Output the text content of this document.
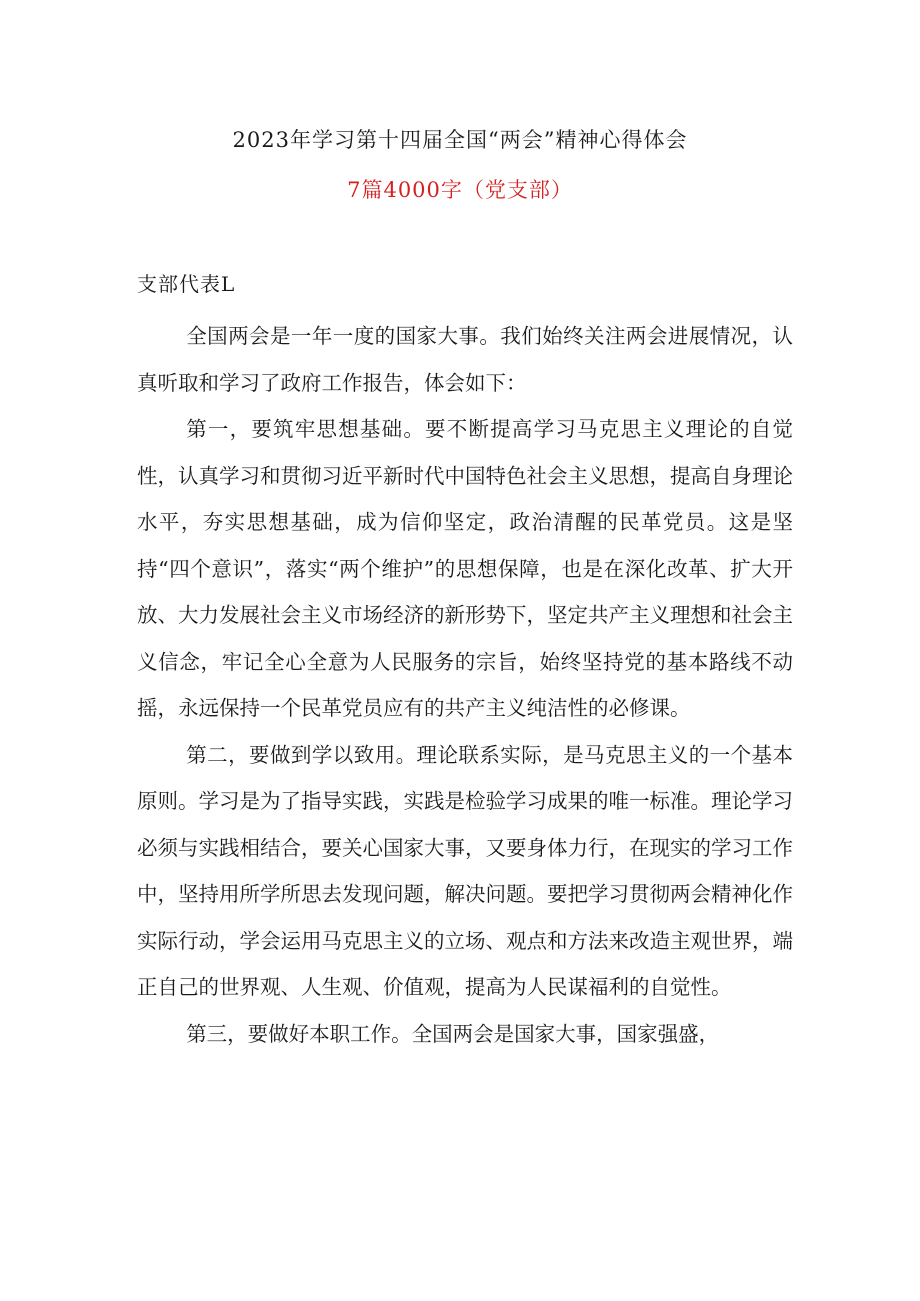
2023年学习第十四届全国“两会”精神心得体会
7篇4000字（党支部）
支部代表L

全国两会是一年一度的国家大事。我们始终关注两会进展情况，认真听取和学习了政府工作报告，体会如下：

第一，要筑牢思想基础。要不断提高学习马克思主义理论的自觉性，认真学习和贯彻习近平新时代中国特色社会主义思想，提高自身理论水平，夯实思想基础，成为信仰坚定，政治清醒的民革党员。这是坚持“四个意识”，落实“两个维护”的思想保障，也是在深化改革、扩大开放、大力发展社会主义市场经济的新形势下，坚定共产主义理想和社会主义信念，牢记全心全意为人民服务的宗旨，始终坚持党的基本路线不动摇，永远保持一个民革党员应有的共产主义纯洁性的必修课。

第二，要做到学以致用。理论联系实际，是马克思主义的一个基本原则。学习是为了指导实践，实践是检验学习成果的唯一标准。理论学习必须与实践相结合，要关心国家大事，又要身体力行，在现实的学习工作中，坚持用所学所思去发现问题，解决问题。要把学习贯彻两会精神化作实际行动，学会运用马克思主义的立场、观点和方法来改造主观世界，端正自己的世界观、人生观、价值观，提高为人民谋福利的自觉性。

第三，要做好本职工作。全国两会是国家大事，国家强盛，
